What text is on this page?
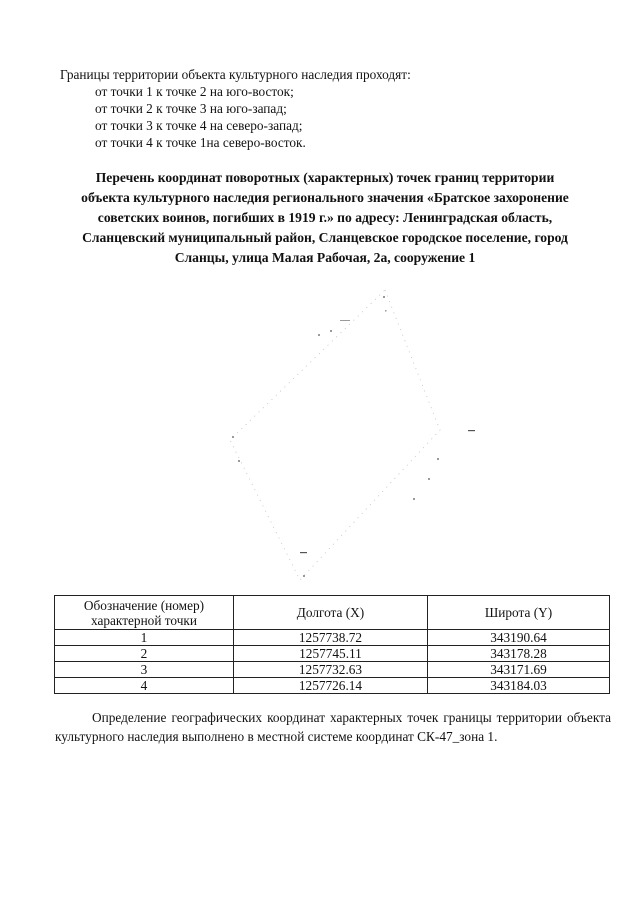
Границы территории объекта культурного наследия проходят:
от точки 1 к точке 2 на юго-восток;
от точки 2 к точке 3 на юго-запад;
от точки 3 к точке 4 на северо-запад;
от точки 4 к точке 1на северо-восток.
Перечень координат поворотных (характерных) точек границ территории
объекта культурного наследия регионального значения «Братское захоронение
советских воинов, погибших в 1919 г.» по адресу: Ленинградская область,
Сланцевский муниципальный район, Сланцевское городское поселение, город
Сланцы, улица Малая Рабочая, 2а, сооружение 1
Обозначение (номер) характерной точки	Долгота (X)	Широта (Y)
1	1257738.72	343190.64
2	1257745.11	343178.28
3	1257732.63	343171.69
4	1257726.14	343184.03
Определение географических координат характерных точек границы территории объекта культурного наследия выполнено в местной системе координат СК-47_зона 1.
